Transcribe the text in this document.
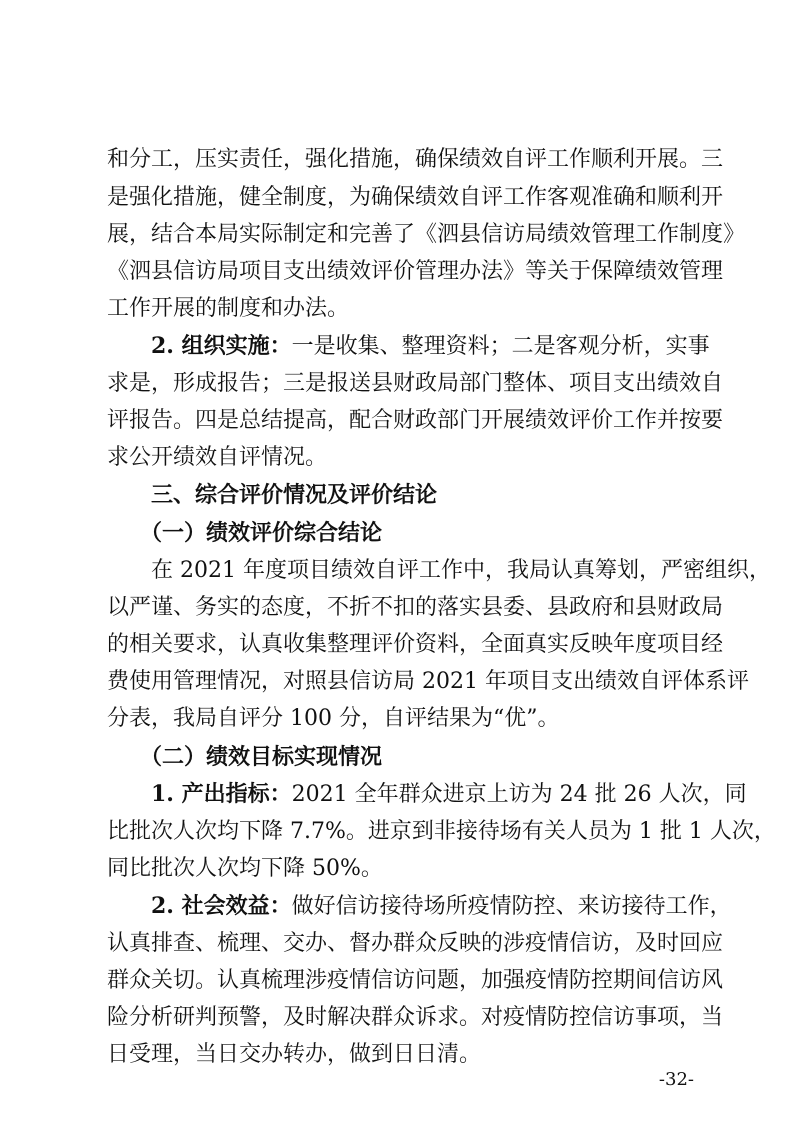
和分工，压实责任，强化措施，确保绩效自评工作顺利开展。三
是强化措施，健全制度，为确保绩效自评工作客观准确和顺利开
展，结合本局实际制定和完善了《泗县信访局绩效管理工作制度》
《泗县信访局项目支出绩效评价管理办法》等关于保障绩效管理
工作开展的制度和办法。
2. 组织实施：一是收集、整理资料；二是客观分析，实事
求是，形成报告；三是报送县财政局部门整体、项目支出绩效自
评报告。四是总结提高，配合财政部门开展绩效评价工作并按要
求公开绩效自评情况。
三、综合评价情况及评价结论
（一）绩效评价综合结论
在 2021 年度项目绩效自评工作中，我局认真筹划，严密组织，
以严谨、务实的态度，不折不扣的落实县委、县政府和县财政局
的相关要求，认真收集整理评价资料，全面真实反映年度项目经
费使用管理情况，对照县信访局 2021 年项目支出绩效自评体系评
分表，我局自评分 100 分，自评结果为“优”。
（二）绩效目标实现情况
1. 产出指标：2021 全年群众进京上访为 24 批 26 人次，同
比批次人次均下降 7.7%。进京到非接待场有关人员为 1 批 1 人次，
同比批次人次均下降 50%。
2. 社会效益：做好信访接待场所疫情防控、来访接待工作，
认真排查、梳理、交办、督办群众反映的涉疫情信访，及时回应
群众关切。认真梳理涉疫情信访问题，加强疫情防控期间信访风
险分析研判预警，及时解决群众诉求。对疫情防控信访事项，当
日受理，当日交办转办，做到日日清。
-32-
